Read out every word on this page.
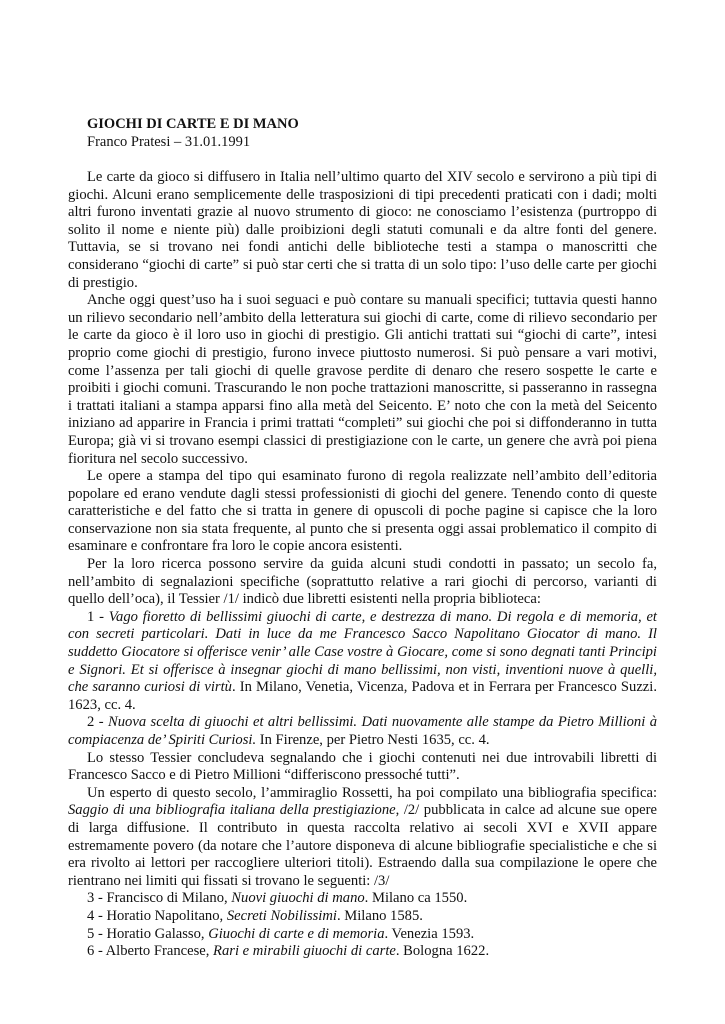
GIOCHI DI CARTE E DI MANO
Franco Pratesi – 31.01.1991

Le carte da gioco si diffusero in Italia nell’ultimo quarto del XIV secolo e servirono a più tipi di giochi. Alcuni erano semplicemente delle trasposizioni di tipi precedenti praticati con i dadi; molti altri furono inventati grazie al nuovo strumento di gioco: ne conosciamo l’esistenza (purtroppo di solito il nome e niente più) dalle proibizioni degli statuti comunali e da altre fonti del genere. Tuttavia, se si trovano nei fondi antichi delle biblioteche testi a stampa o manoscritti che considerano “giochi di carte” si può star certi che si tratta di un solo tipo: l’uso delle carte per giochi di prestigio.

Anche oggi quest’uso ha i suoi seguaci e può contare su manuali specifici; tuttavia questi hanno un rilievo secondario nell’ambito della letteratura sui giochi di carte, come di rilievo secondario per le carte da gioco è il loro uso in giochi di prestigio. Gli antichi trattati sui “giochi di carte”, intesi proprio come giochi di prestigio, furono invece piuttosto numerosi. Si può pensare a vari motivi, come l’assenza per tali giochi di quelle gravose perdite di denaro che resero sospette le carte e proibiti i giochi comuni. Trascurando le non poche trattazioni manoscritte, si passeranno in rassegna i trattati italiani a stampa apparsi fino alla metà del Seicento. E’ noto che con la metà del Seicento iniziano ad apparire in Francia i primi trattati “completi” sui giochi che poi si diffonderanno in tutta Europa; già vi si trovano esempi classici di prestigiazione con le carte, un genere che avrà poi piena fioritura nel secolo successivo.

Le opere a stampa del tipo qui esaminato furono di regola realizzate nell’ambito dell’editoria popolare ed erano vendute dagli stessi professionisti di giochi del genere. Tenendo conto di queste caratteristiche e del fatto che si tratta in genere di opuscoli di poche pagine si capisce che la loro conservazione non sia stata frequente, al punto che si presenta oggi assai problematico il compito di esaminare e confrontare fra loro le copie ancora esistenti.

Per la loro ricerca possono servire da guida alcuni studi condotti in passato; un secolo fa, nell’ambito di segnalazioni specifiche (soprattutto relative a rari giochi di percorso, varianti di quello dell’oca), il Tessier /1/ indicò due libretti esistenti nella propria biblioteca:

1 - Vago fioretto di bellissimi giuochi di carte, e destrezza di mano. Di regola e di memoria, et con secreti particolari. Dati in luce da me Francesco Sacco Napolitano Giocator di mano. Il suddetto Giocatore si offerisce venir’ alle Case vostre à Giocare, come si sono degnati tanti Principi e Signori. Et si offerisce à insegnar giochi di mano bellissimi, non visti, inventioni nuove à quelli, che saranno curiosi di virtù. In Milano, Venetia, Vicenza, Padova et in Ferrara per Francesco Suzzi. 1623, cc. 4.

2 - Nuova scelta di giuochi et altri bellissimi. Dati nuovamente alle stampe da Pietro Millioni à compiacenza de’ Spiriti Curiosi. In Firenze, per Pietro Nesti 1635, cc. 4.

Lo stesso Tessier concludeva segnalando che i giochi contenuti nei due introvabili libretti di Francesco Sacco e di Pietro Millioni “differiscono pressoché tutti”.

Un esperto di questo secolo, l’ammiraglio Rossetti, ha poi compilato una bibliografia specifica: Saggio di una bibliografia italiana della prestigiazione, /2/ pubblicata in calce ad alcune sue opere di larga diffusione. Il contributo in questa raccolta relativo ai secoli XVI e XVII appare estremamente povero (da notare che l’autore disponeva di alcune bibliografie specialistiche e che si era rivolto ai lettori per raccogliere ulteriori titoli). Estraendo dalla sua compilazione le opere che rientrano nei limiti qui fissati si trovano le seguenti: /3/

3 - Francisco di Milano, Nuovi giuochi di mano. Milano ca 1550.

4 - Horatio Napolitano, Secreti Nobilissimi. Milano 1585.

5 - Horatio Galasso, Giuochi di carte e di memoria. Venezia 1593.

6 - Alberto Francese, Rari e mirabili giuochi di carte. Bologna 1622.
